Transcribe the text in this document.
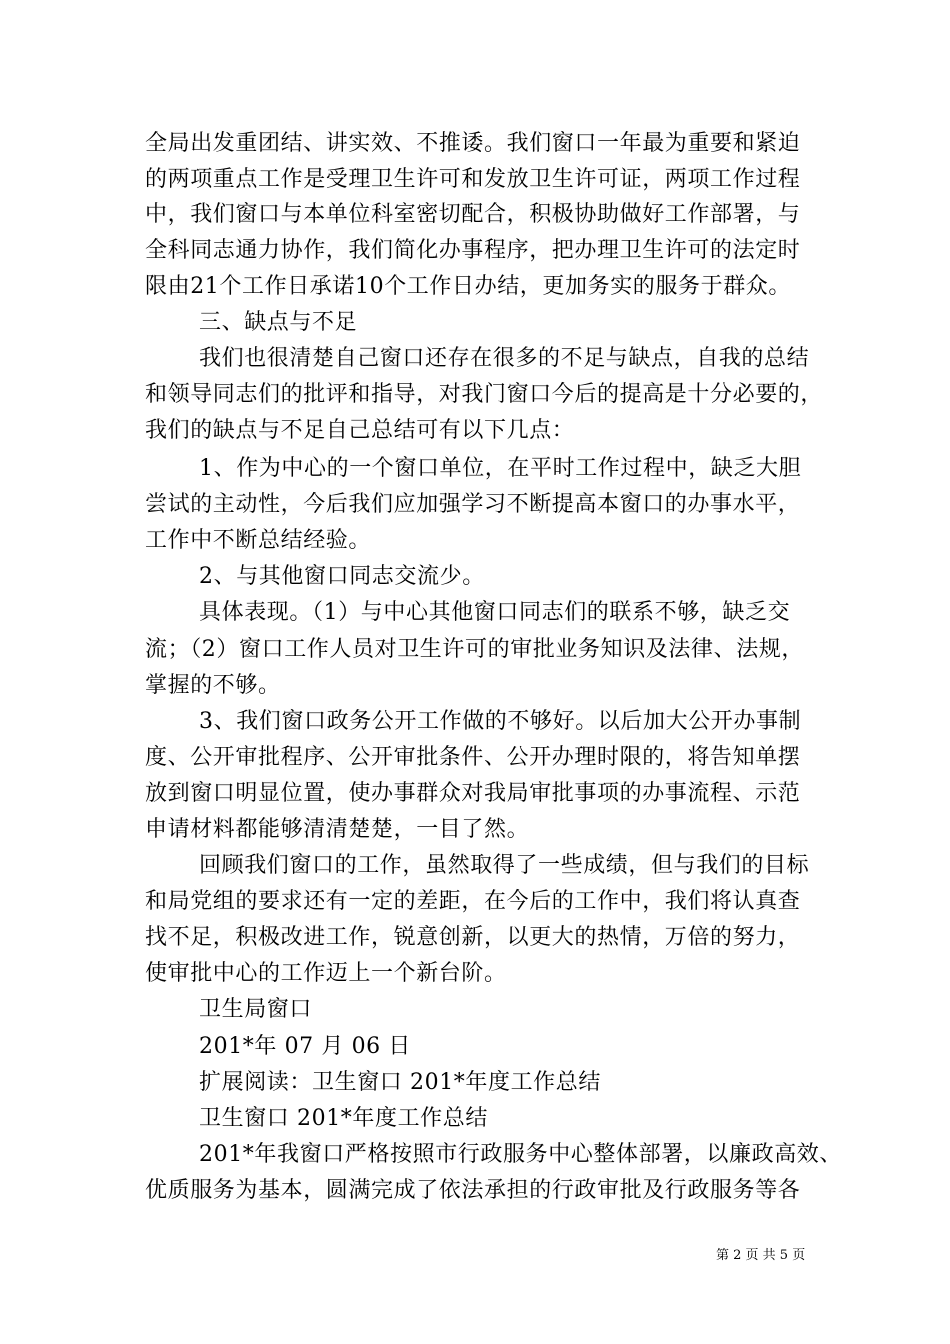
全局出发重团结、讲实效、不推诿。我们窗口一年最为重要和紧迫
的两项重点工作是受理卫生许可和发放卫生许可证，两项工作过程
中，我们窗口与本单位科室密切配合，积极协助做好工作部署，与
全科同志通力协作，我们简化办事程序，把办理卫生许可的法定时
限由21个工作日承诺10个工作日办结，更加务实的服务于群众。
三、缺点与不足
我们也很清楚自己窗口还存在很多的不足与缺点，自我的总结
和领导同志们的批评和指导，对我门窗口今后的提高是十分必要的，
我们的缺点与不足自己总结可有以下几点：
1、作为中心的一个窗口单位，在平时工作过程中，缺乏大胆
尝试的主动性，今后我们应加强学习不断提高本窗口的办事水平，
工作中不断总结经验。
2、与其他窗口同志交流少。
具体表现。（1）与中心其他窗口同志们的联系不够，缺乏交
流；（2）窗口工作人员对卫生许可的审批业务知识及法律、法规，
掌握的不够。
3、我们窗口政务公开工作做的不够好。以后加大公开办事制
度、公开审批程序、公开审批条件、公开办理时限的，将告知单摆
放到窗口明显位置，使办事群众对我局审批事项的办事流程、示范
申请材料都能够清清楚楚，一目了然。
回顾我们窗口的工作，虽然取得了一些成绩，但与我们的目标
和局党组的要求还有一定的差距，在今后的工作中，我们将认真查
找不足，积极改进工作，锐意创新，以更大的热情，万倍的努力，
使审批中心的工作迈上一个新台阶。
卫生局窗口
201*年 07 月 06 日
扩展阅读：卫生窗口 201*年度工作总结
卫生窗口 201*年度工作总结
201*年我窗口严格按照市行政服务中心整体部署，以廉政高效、
优质服务为基本，圆满完成了依法承担的行政审批及行政服务等各
第 2 页 共 5 页
